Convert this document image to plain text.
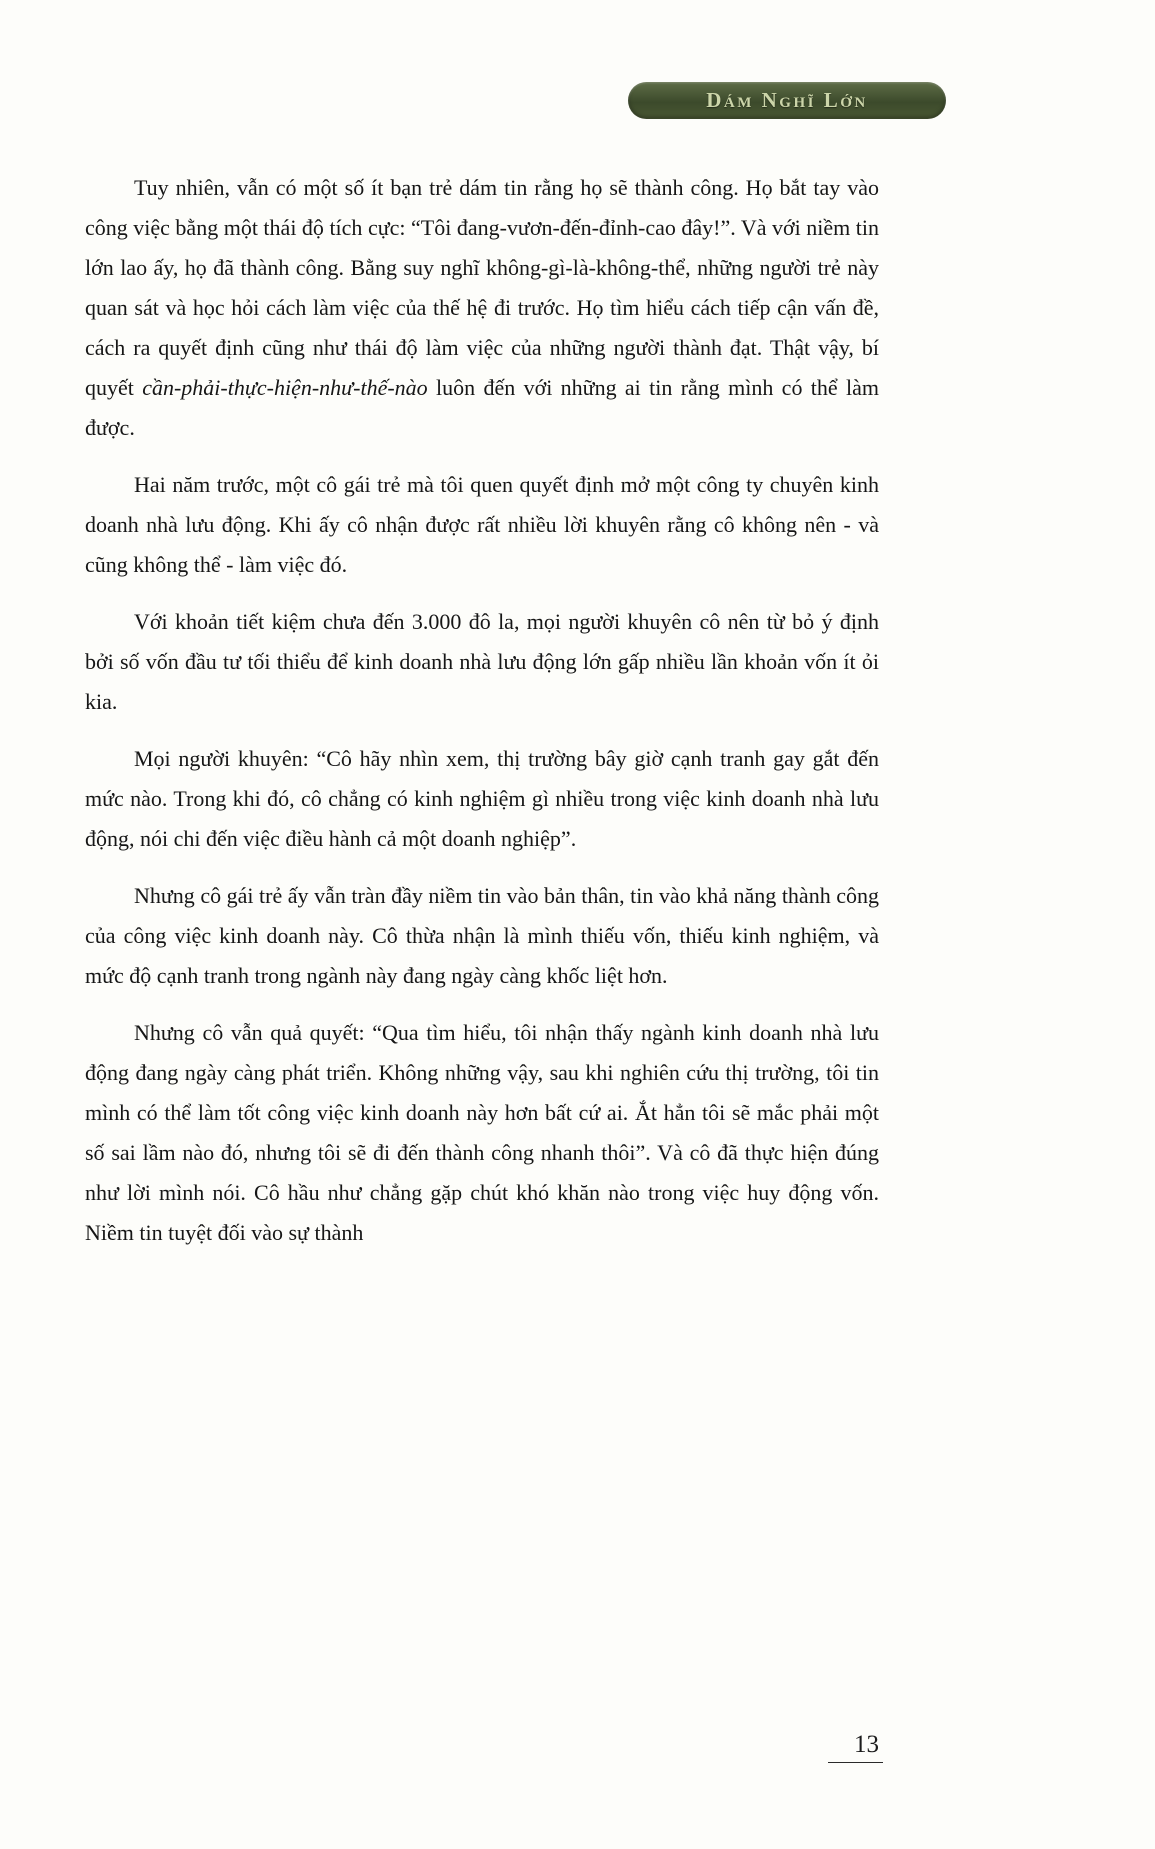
Dám Nghĩ Lớn

Tuy nhiên, vẫn có một số ít bạn trẻ dám tin rằng họ sẽ thành công. Họ bắt tay vào công việc bằng một thái độ tích cực: “Tôi đang-vươn-đến-đỉnh-cao đây!”. Và với niềm tin lớn lao ấy, họ đã thành công. Bằng suy nghĩ không-gì-là-không-thể, những người trẻ này quan sát và học hỏi cách làm việc của thế hệ đi trước. Họ tìm hiểu cách tiếp cận vấn đề, cách ra quyết định cũng như thái độ làm việc của những người thành đạt. Thật vậy, bí quyết cần-phải-thực-hiện-như-thế-nào luôn đến với những ai tin rằng mình có thể làm được.

Hai năm trước, một cô gái trẻ mà tôi quen quyết định mở một công ty chuyên kinh doanh nhà lưu động. Khi ấy cô nhận được rất nhiều lời khuyên rằng cô không nên - và cũng không thể - làm việc đó.

Với khoản tiết kiệm chưa đến 3.000 đô la, mọi người khuyên cô nên từ bỏ ý định bởi số vốn đầu tư tối thiểu để kinh doanh nhà lưu động lớn gấp nhiều lần khoản vốn ít ỏi kia.

Mọi người khuyên: “Cô hãy nhìn xem, thị trường bây giờ cạnh tranh gay gắt đến mức nào. Trong khi đó, cô chẳng có kinh nghiệm gì nhiều trong việc kinh doanh nhà lưu động, nói chi đến việc điều hành cả một doanh nghiệp”.

Nhưng cô gái trẻ ấy vẫn tràn đầy niềm tin vào bản thân, tin vào khả năng thành công của công việc kinh doanh này. Cô thừa nhận là mình thiếu vốn, thiếu kinh nghiệm, và mức độ cạnh tranh trong ngành này đang ngày càng khốc liệt hơn.

Nhưng cô vẫn quả quyết: “Qua tìm hiểu, tôi nhận thấy ngành kinh doanh nhà lưu động đang ngày càng phát triển. Không những vậy, sau khi nghiên cứu thị trường, tôi tin mình có thể làm tốt công việc kinh doanh này hơn bất cứ ai. Ắt hẳn tôi sẽ mắc phải một số sai lầm nào đó, nhưng tôi sẽ đi đến thành công nhanh thôi”. Và cô đã thực hiện đúng như lời mình nói. Cô hầu như chẳng gặp chút khó khăn nào trong việc huy động vốn. Niềm tin tuyệt đối vào sự thành

13
